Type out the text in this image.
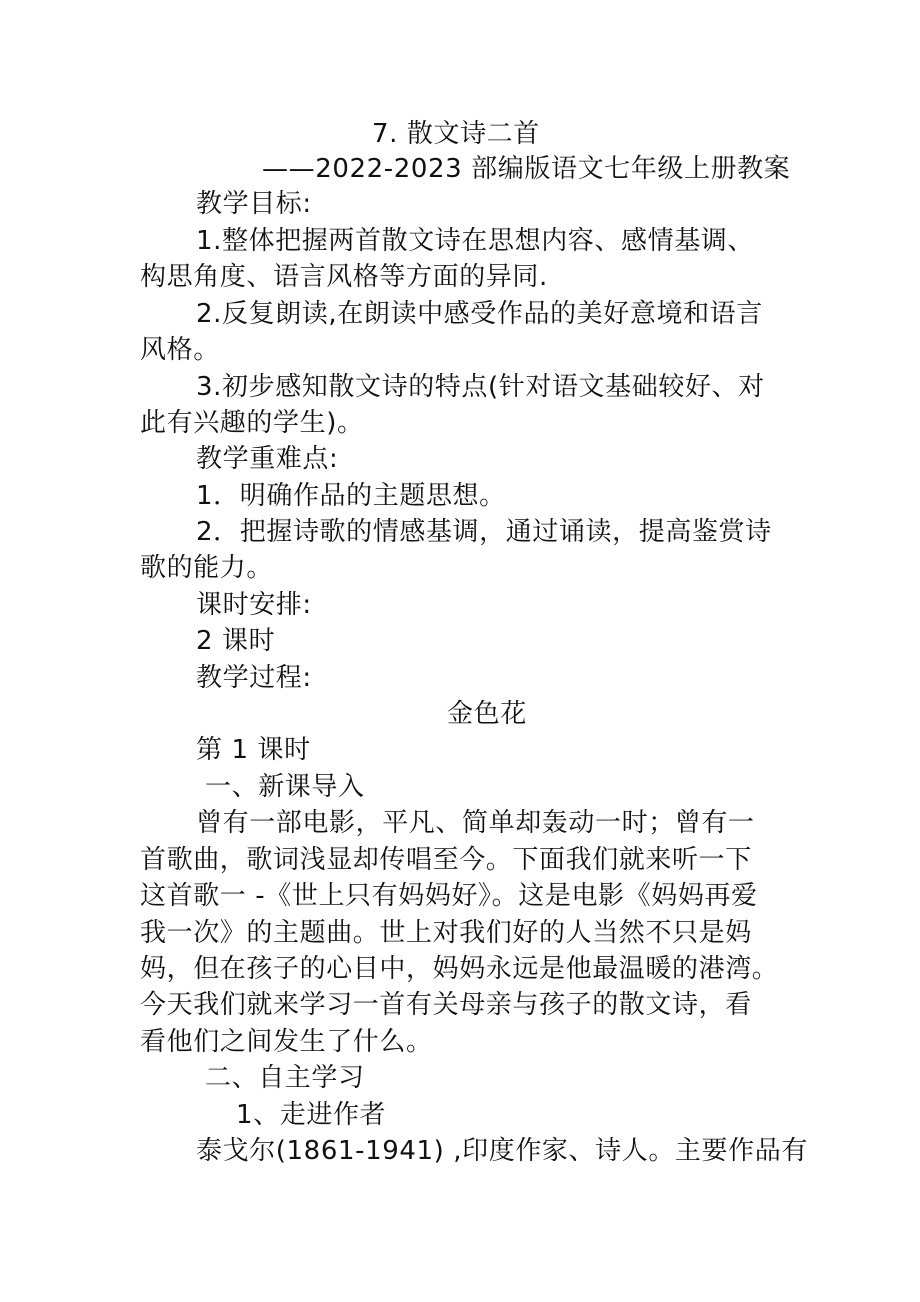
7. 散文诗二首
——2022-2023 部编版语文七年级上册教案
教学目标:
1.整体把握两首散文诗在思想内容、感情基调、
构思角度、语言风格等方面的异同.
2.反复朗读,在朗读中感受作品的美好意境和语言
风格。
3.初步感知散文诗的特点(针对语文基础较好、对
此有兴趣的学生)。
教学重难点:
1．明确作品的主题思想。
2．把握诗歌的情感基调，通过诵读，提高鉴赏诗
歌的能力。
课时安排:
2 课时
教学过程:
金色花
第 1 课时
一、新课导入
曾有一部电影，平凡、简单却轰动一时；曾有一
首歌曲，歌词浅显却传唱至今。下面我们就来听一下
这首歌一 -《世上只有妈妈好》。这是电影《妈妈再爱
我一次》的主题曲。世上对我们好的人当然不只是妈
妈，但在孩子的心目中，妈妈永远是他最温暖的港湾。
今天我们就来学习一首有关母亲与孩子的散文诗，看
看他们之间发生了什么。
二、自主学习
1、走进作者
泰戈尔(1861-1941) ,印度作家、诗人。主要作品有
